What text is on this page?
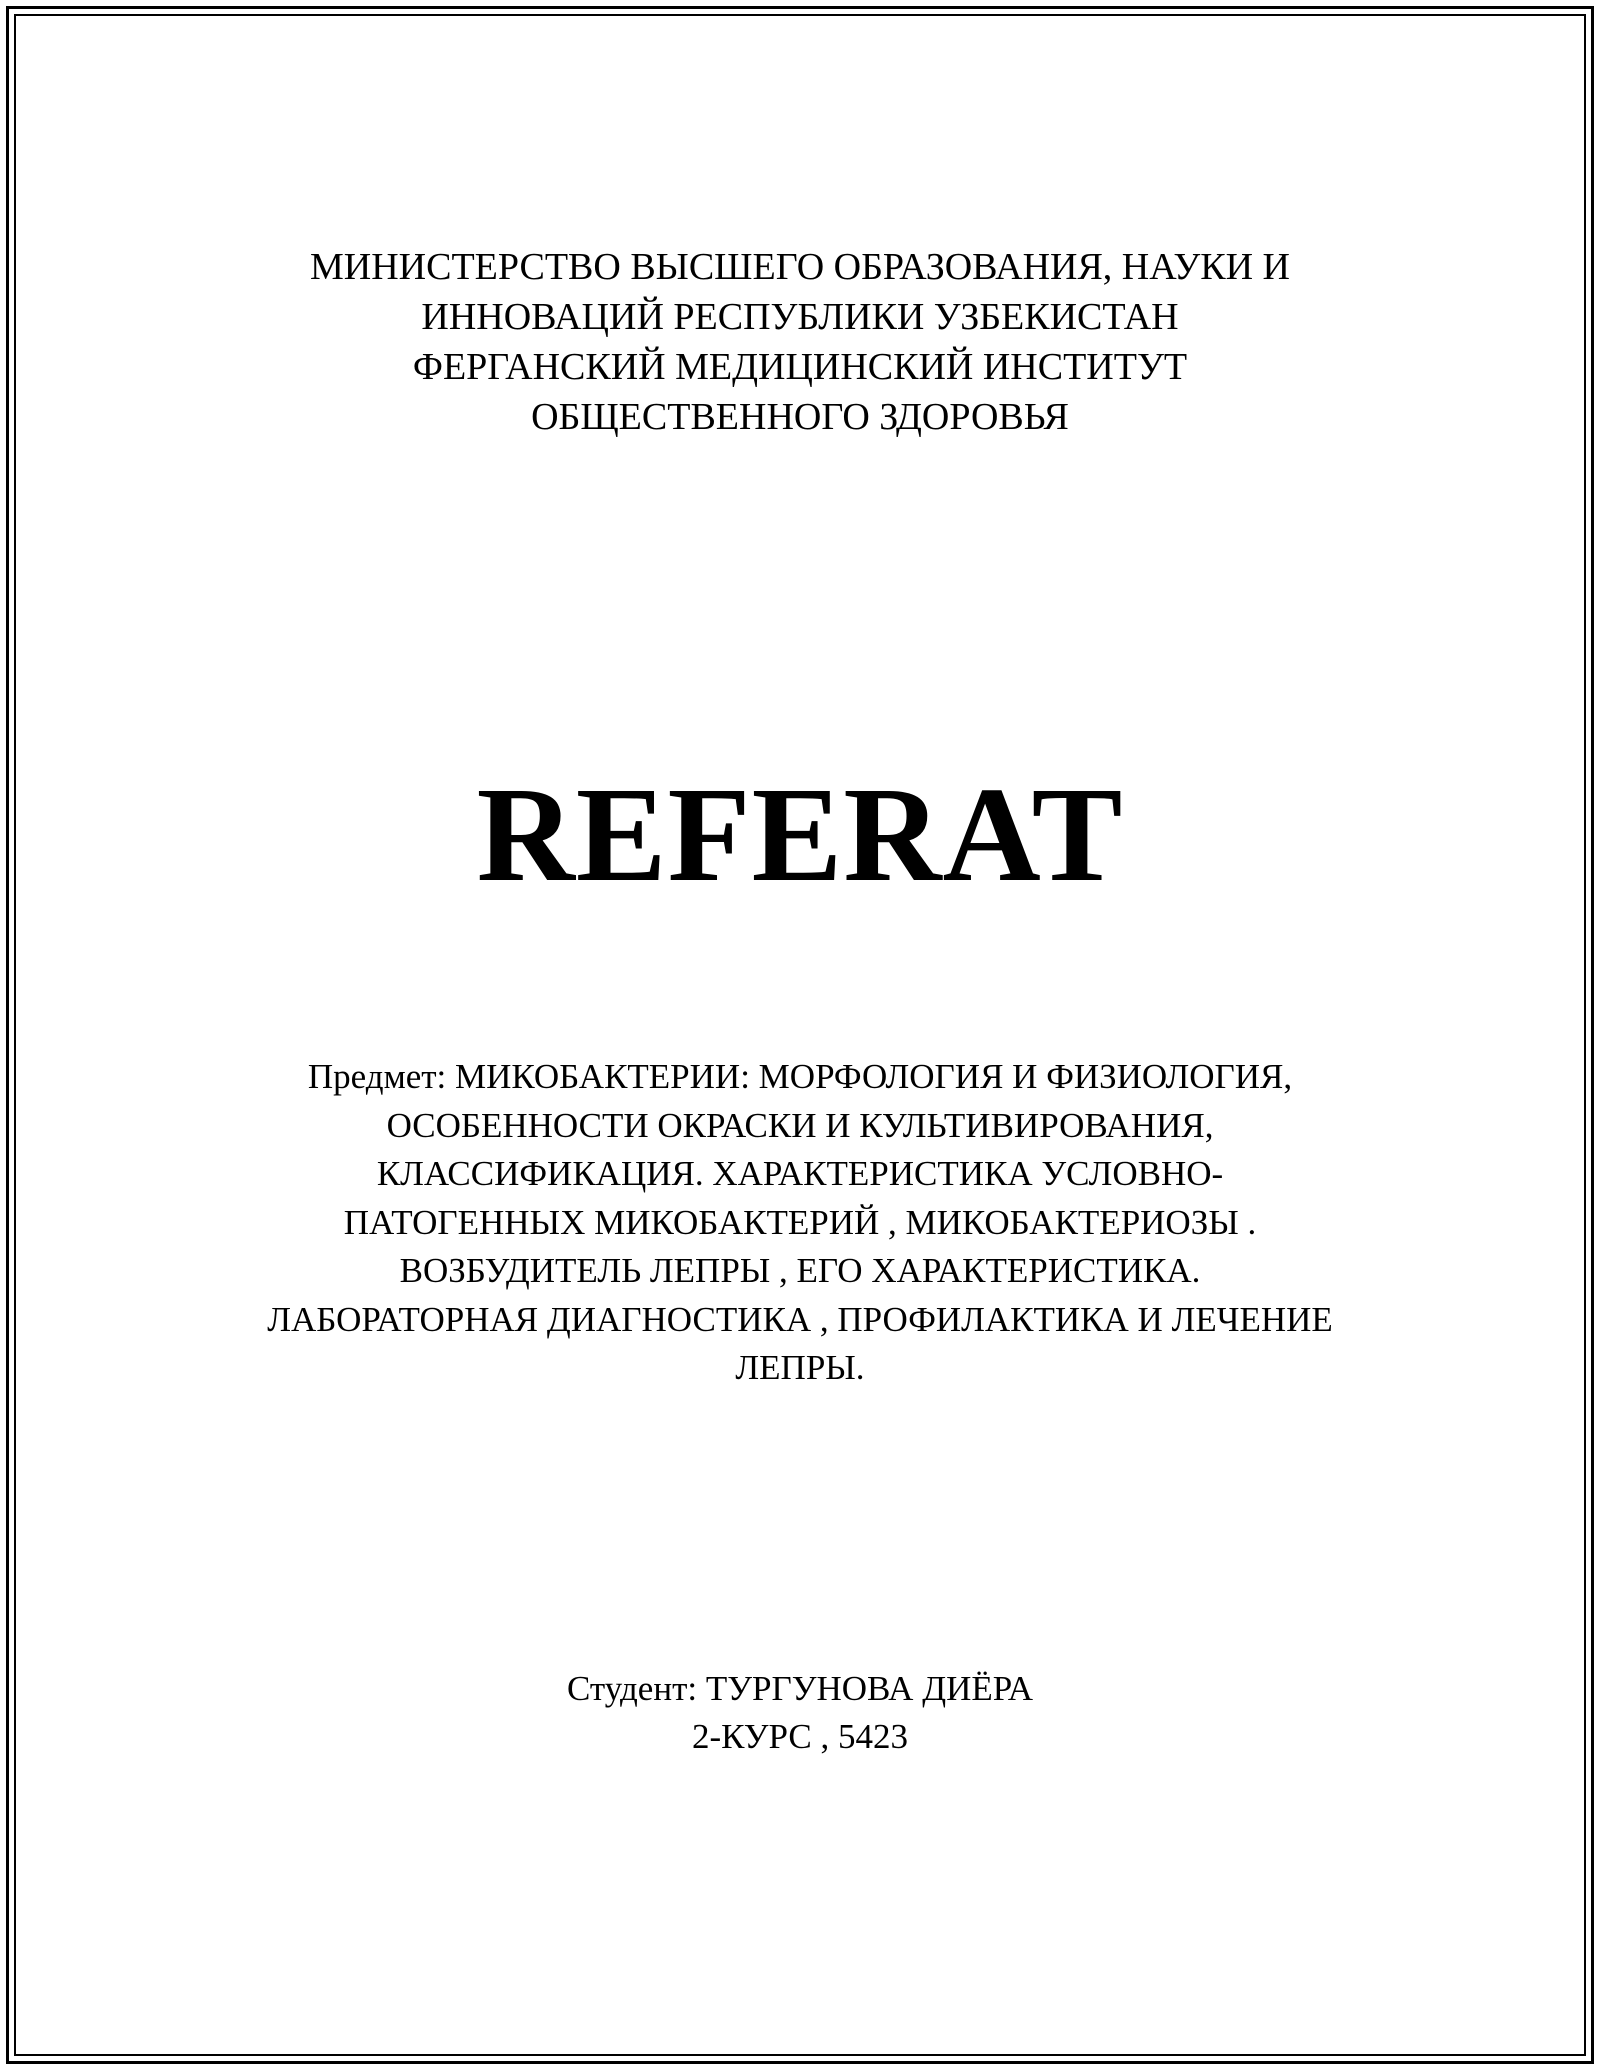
МИНИСТЕРСТВО ВЫСШЕГО ОБРАЗОВАНИЯ, НАУКИ И
ИННОВАЦИЙ РЕСПУБЛИКИ УЗБЕКИСТАН
ФЕРГАНСКИЙ МЕДИЦИНСКИЙ ИНСТИТУТ
ОБЩЕСТВЕННОГО ЗДОРОВЬЯ
REFERAT
Предмет: МИКОБАКТЕРИИ: МОРФОЛОГИЯ И ФИЗИОЛОГИЯ,
ОСОБЕННОСТИ ОКРАСКИ И КУЛЬТИВИРОВАНИЯ,
КЛАССИФИКАЦИЯ. ХАРАКТЕРИСТИКА УСЛОВНО-
ПАТОГЕННЫХ МИКОБАКТЕРИЙ , МИКОБАКТЕРИОЗЫ .
ВОЗБУДИТЕЛЬ ЛЕПРЫ , ЕГО ХАРАКТЕРИСТИКА.
ЛАБОРАТОРНАЯ ДИАГНОСТИКА , ПРОФИЛАКТИКА И ЛЕЧЕНИЕ
ЛЕПРЫ.
Студент: ТУРГУНОВА ДИЁРА
2-КУРС , 5423
